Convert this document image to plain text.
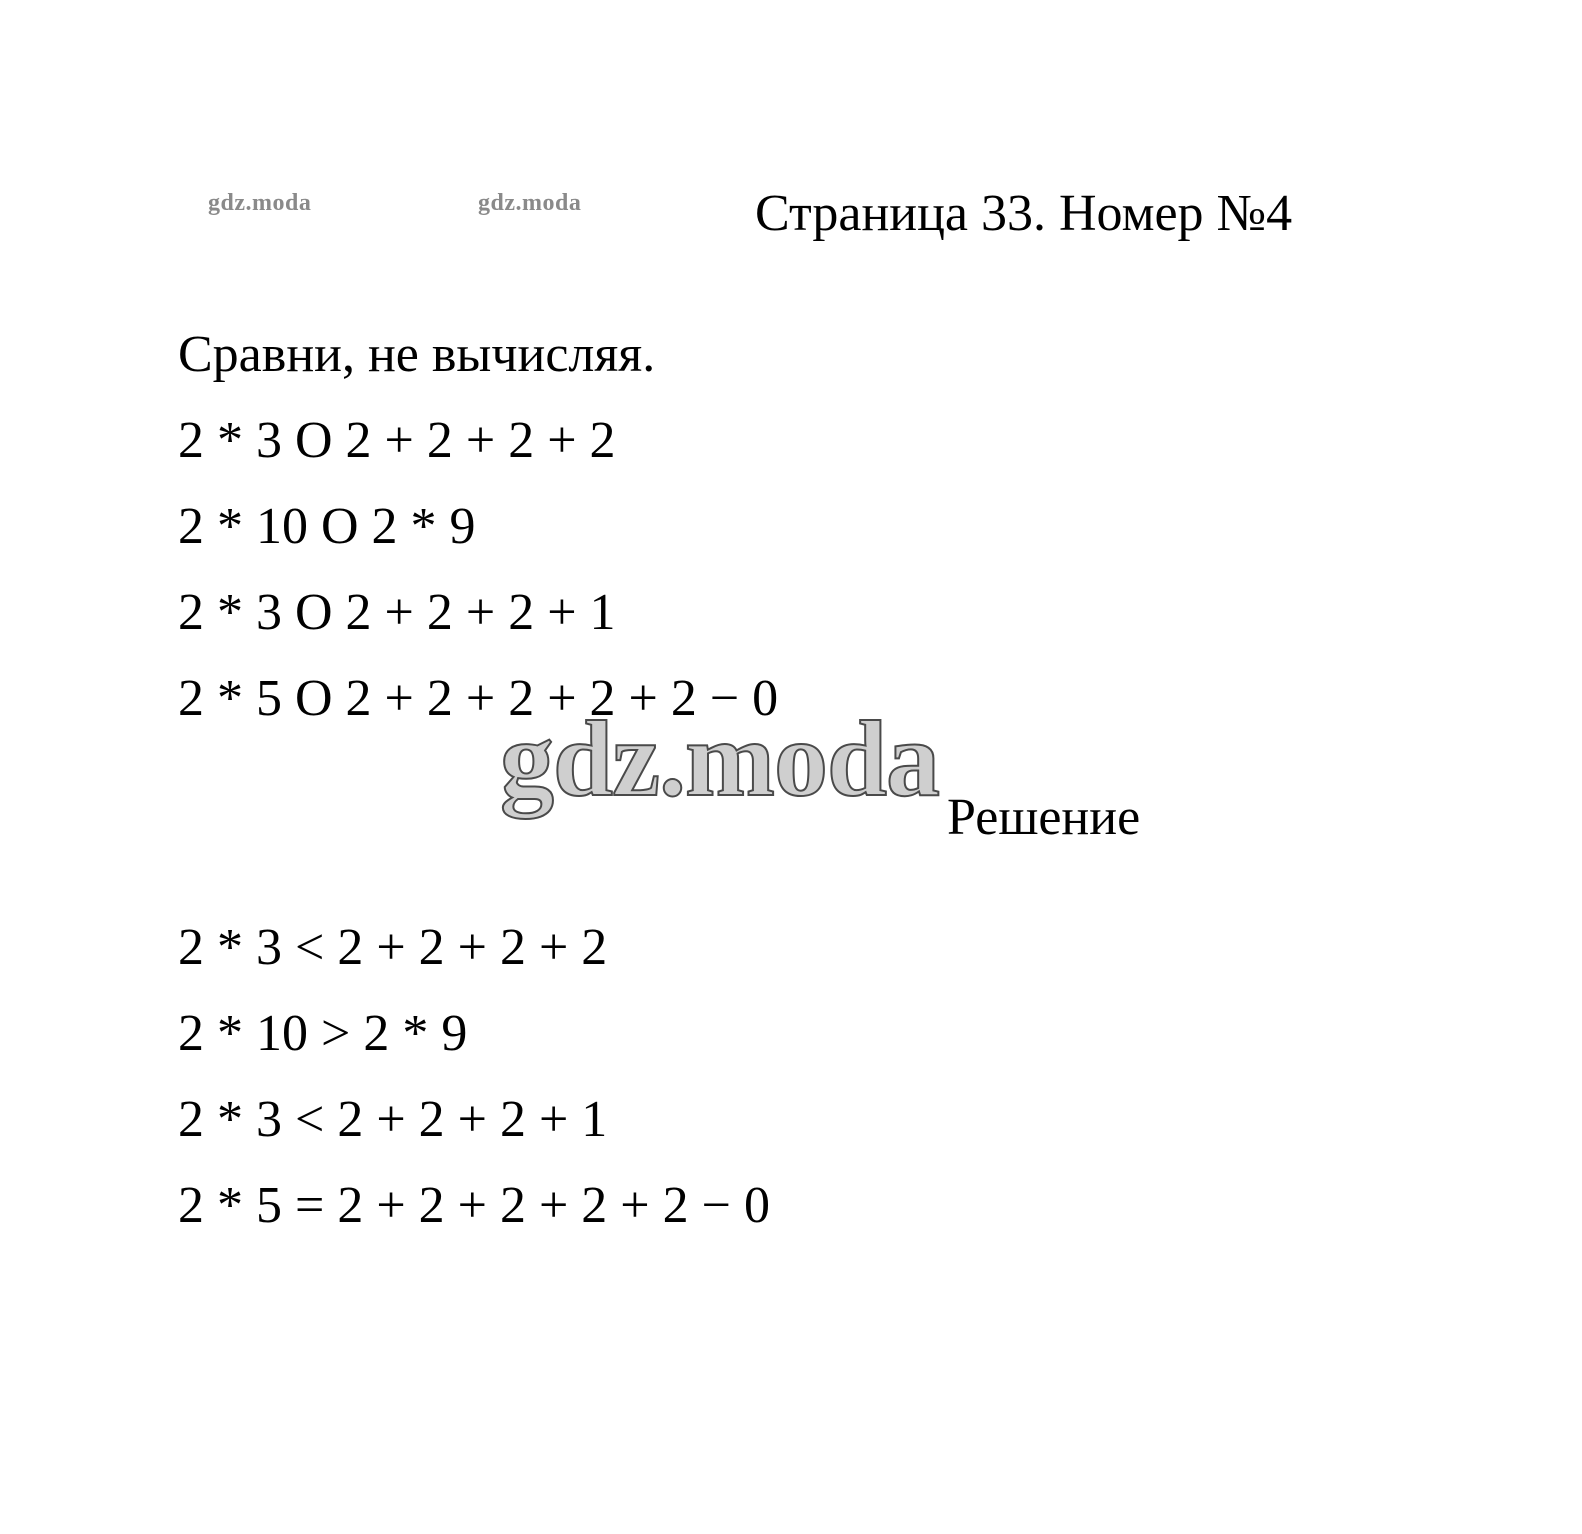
gdz.moda	gdz.moda	Страница 33. Номер №4
Сравни, не вычисляя.
2 * 3 O 2 + 2 + 2 + 2
2 * 10 O 2 * 9
2 * 3 O 2 + 2 + 2 + 1
2 * 5 O 2 + 2 + 2 + 2 + 2 − 0
gdz.moda Решение
2 * 3 < 2 + 2 + 2 + 2
2 * 10 > 2 * 9
2 * 3 < 2 + 2 + 2 + 1
2 * 5 = 2 + 2 + 2 + 2 + 2 − 0
